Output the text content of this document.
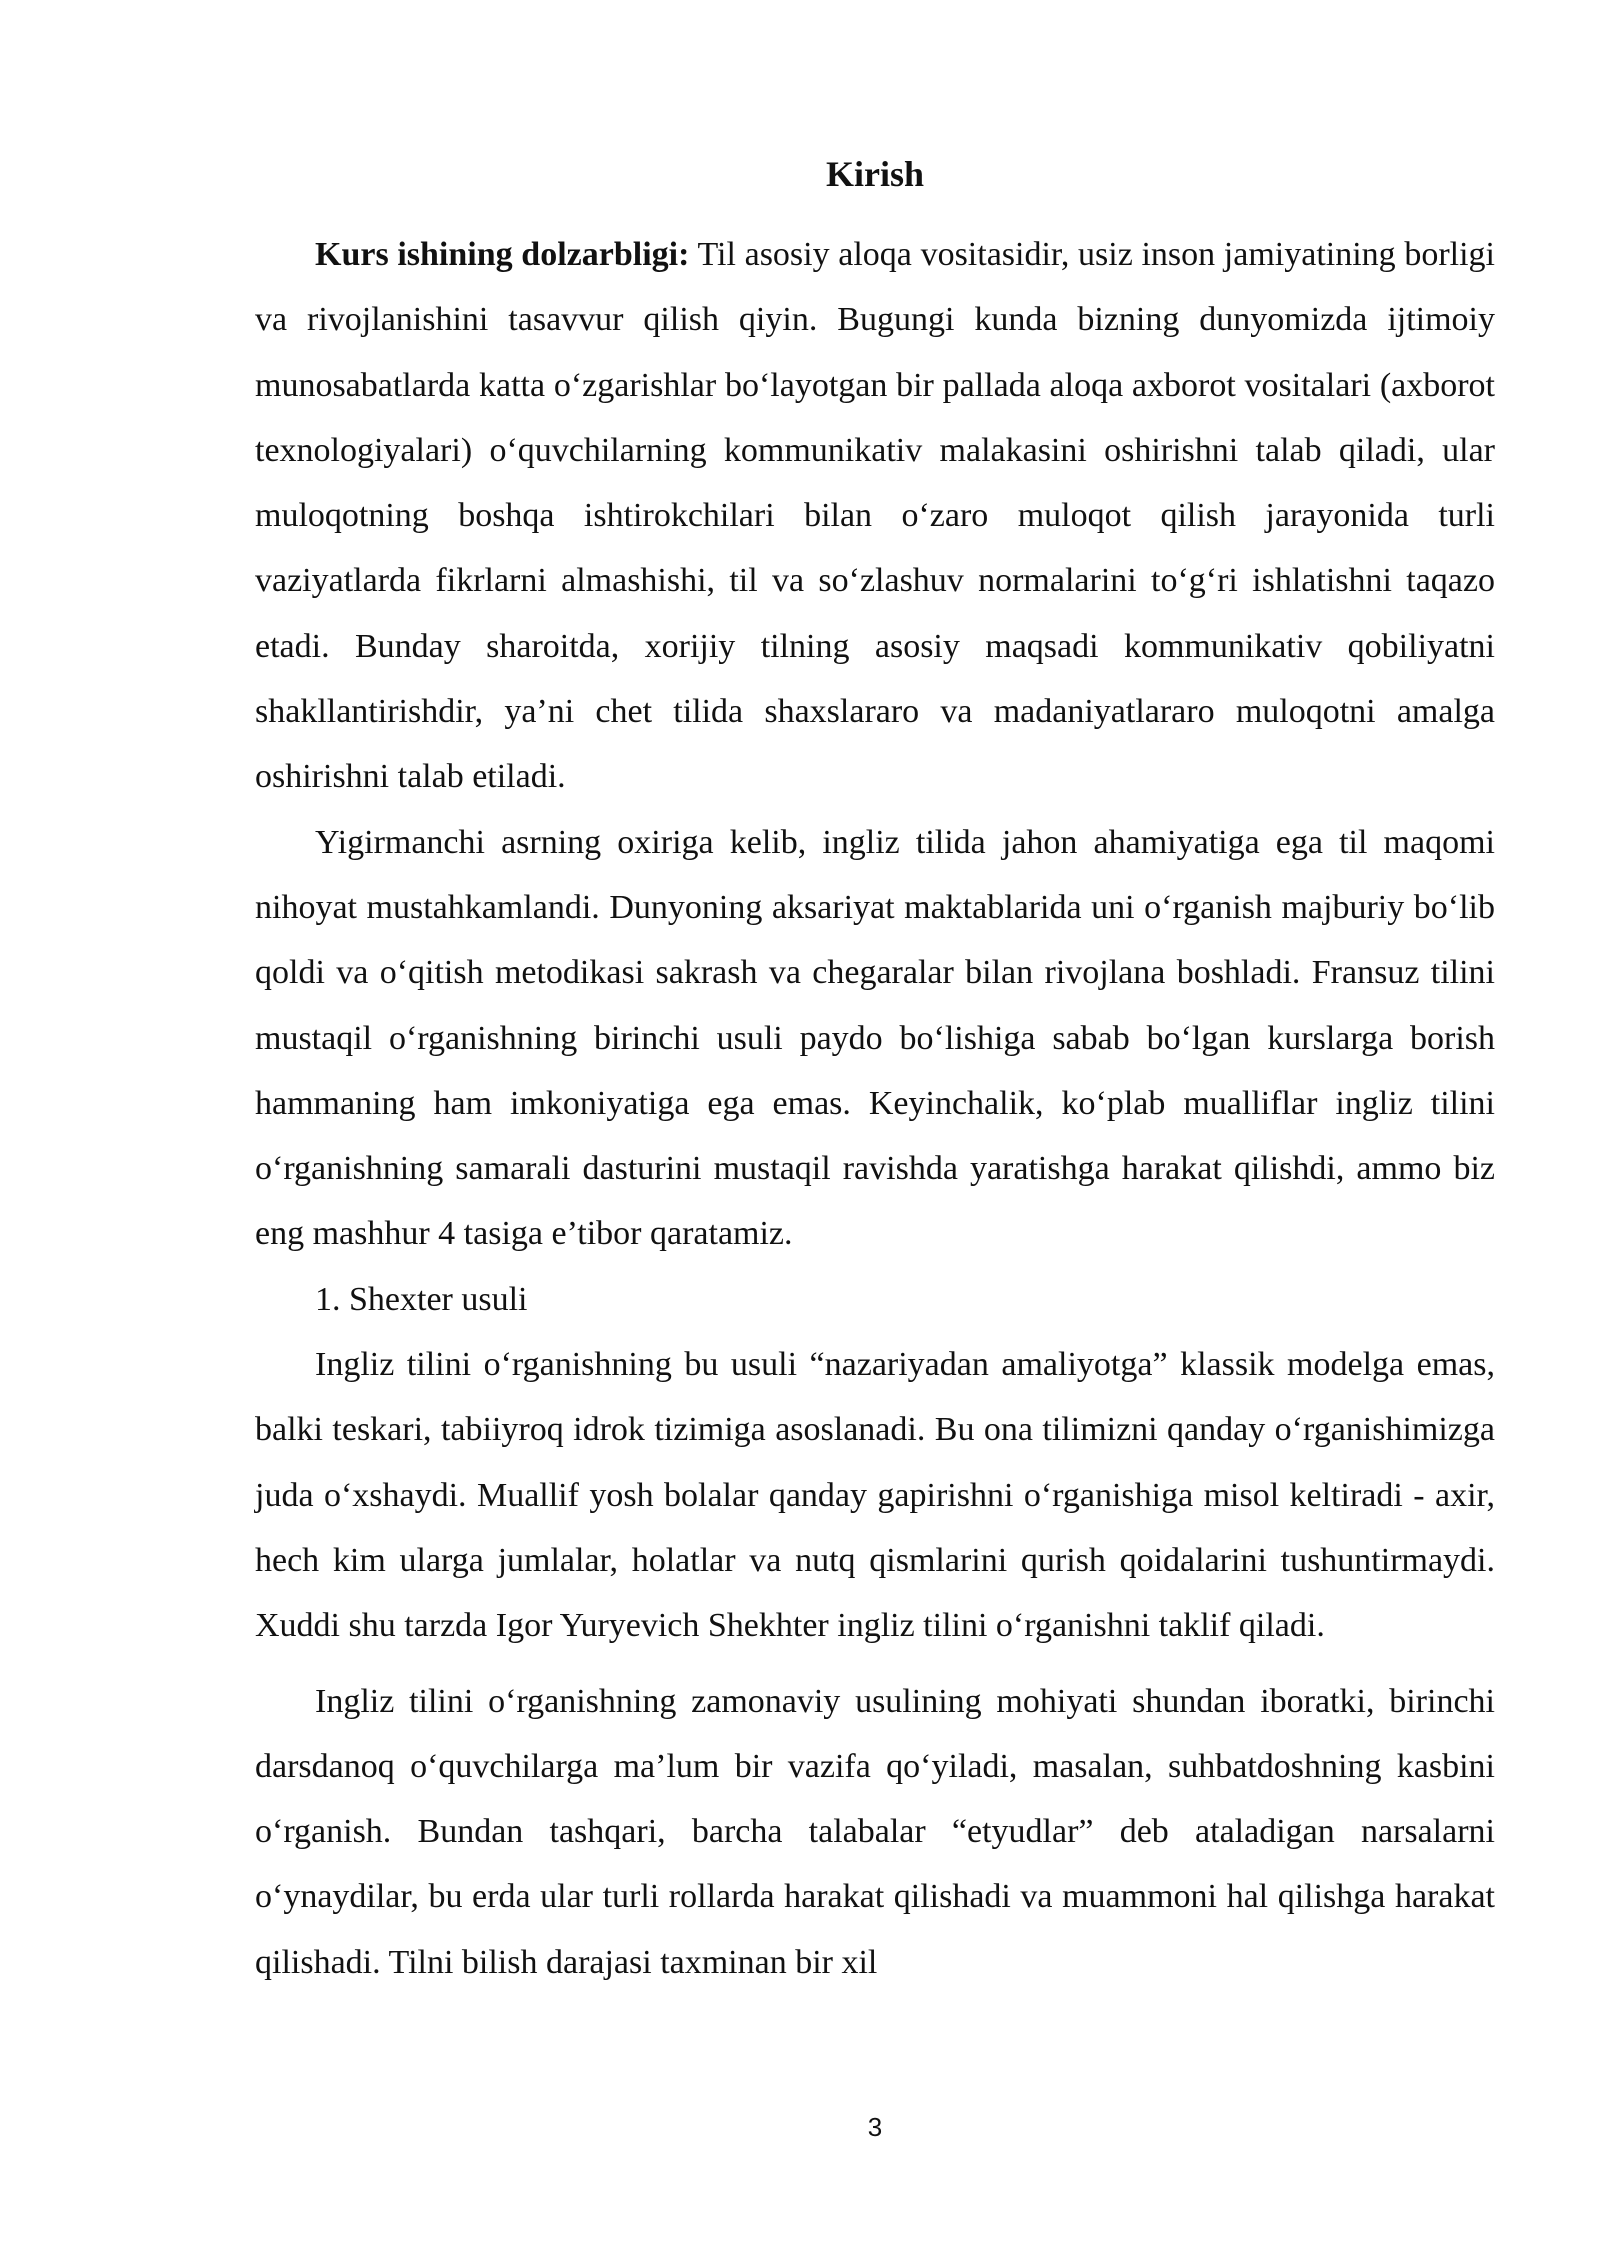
Kirish

Kurs ishining dolzarbligi: Til asosiy aloqa vositasidir, usiz inson jamiyatining borligi va rivojlanishini tasavvur qilish qiyin. Bugungi kunda bizning dunyomizda ijtimoiy munosabatlarda katta oʻzgarishlar boʻlayotgan bir pallada aloqa axborot vositalari (axborot texnologiyalari) oʻquvchilarning kommunikativ malakasini oshirishni talab qiladi, ular muloqotning boshqa ishtirokchilari bilan oʻzaro muloqot qilish jarayonida turli vaziyatlarda fikrlarni almashishi, til va soʻzlashuv normalarini toʻgʻri ishlatishni taqazo etadi. Bunday sharoitda, xorijiy tilning asosiy maqsadi kommunikativ qobiliyatni shakllantirishdir, ya’ni chet tilida shaxslararo va madaniyatlararo muloqotni amalga oshirishni talab etiladi.

Yigirmanchi asrning oxiriga kelib, ingliz tilida jahon ahamiyatiga ega til maqomi nihoyat mustahkamlandi. Dunyoning aksariyat maktablarida uni oʻrganish majburiy boʻlib qoldi va oʻqitish metodikasi sakrash va chegaralar bilan rivojlana boshladi. Fransuz tilini mustaqil oʻrganishning birinchi usuli paydo boʻlishiga sabab boʻlgan kurslarga borish hammaning ham imkoniyatiga ega emas. Keyinchalik, koʻplab mualliflar ingliz tilini oʻrganishning samarali dasturini mustaqil ravishda yaratishga harakat qilishdi, ammo biz eng mashhur 4 tasiga e’tibor qaratamiz.

1. Shexter usuli

Ingliz tilini oʻrganishning bu usuli “nazariyadan amaliyotga” klassik modelga emas, balki teskari, tabiiyroq idrok tizimiga asoslanadi. Bu ona tilimizni qanday oʻrganishimizga juda oʻxshaydi. Muallif yosh bolalar qanday gapirishni oʻrganishiga misol keltiradi - axir, hech kim ularga jumlalar, holatlar va nutq qismlarini qurish qoidalarini tushuntirmaydi. Xuddi shu tarzda Igor Yuryevich Shekhter ingliz tilini oʻrganishni taklif qiladi.

Ingliz tilini oʻrganishning zamonaviy usulining mohiyati shundan iboratki, birinchi darsdanoq oʻquvchilarga ma’lum bir vazifa qoʻyiladi, masalan, suhbatdoshning kasbini oʻrganish. Bundan tashqari, barcha talabalar “etyudlar” deb ataladigan narsalarni oʻynaydilar, bu erda ular turli rollarda harakat qilishadi va muammoni hal qilishga harakat qilishadi. Tilni bilish darajasi taxminan bir xil

3
